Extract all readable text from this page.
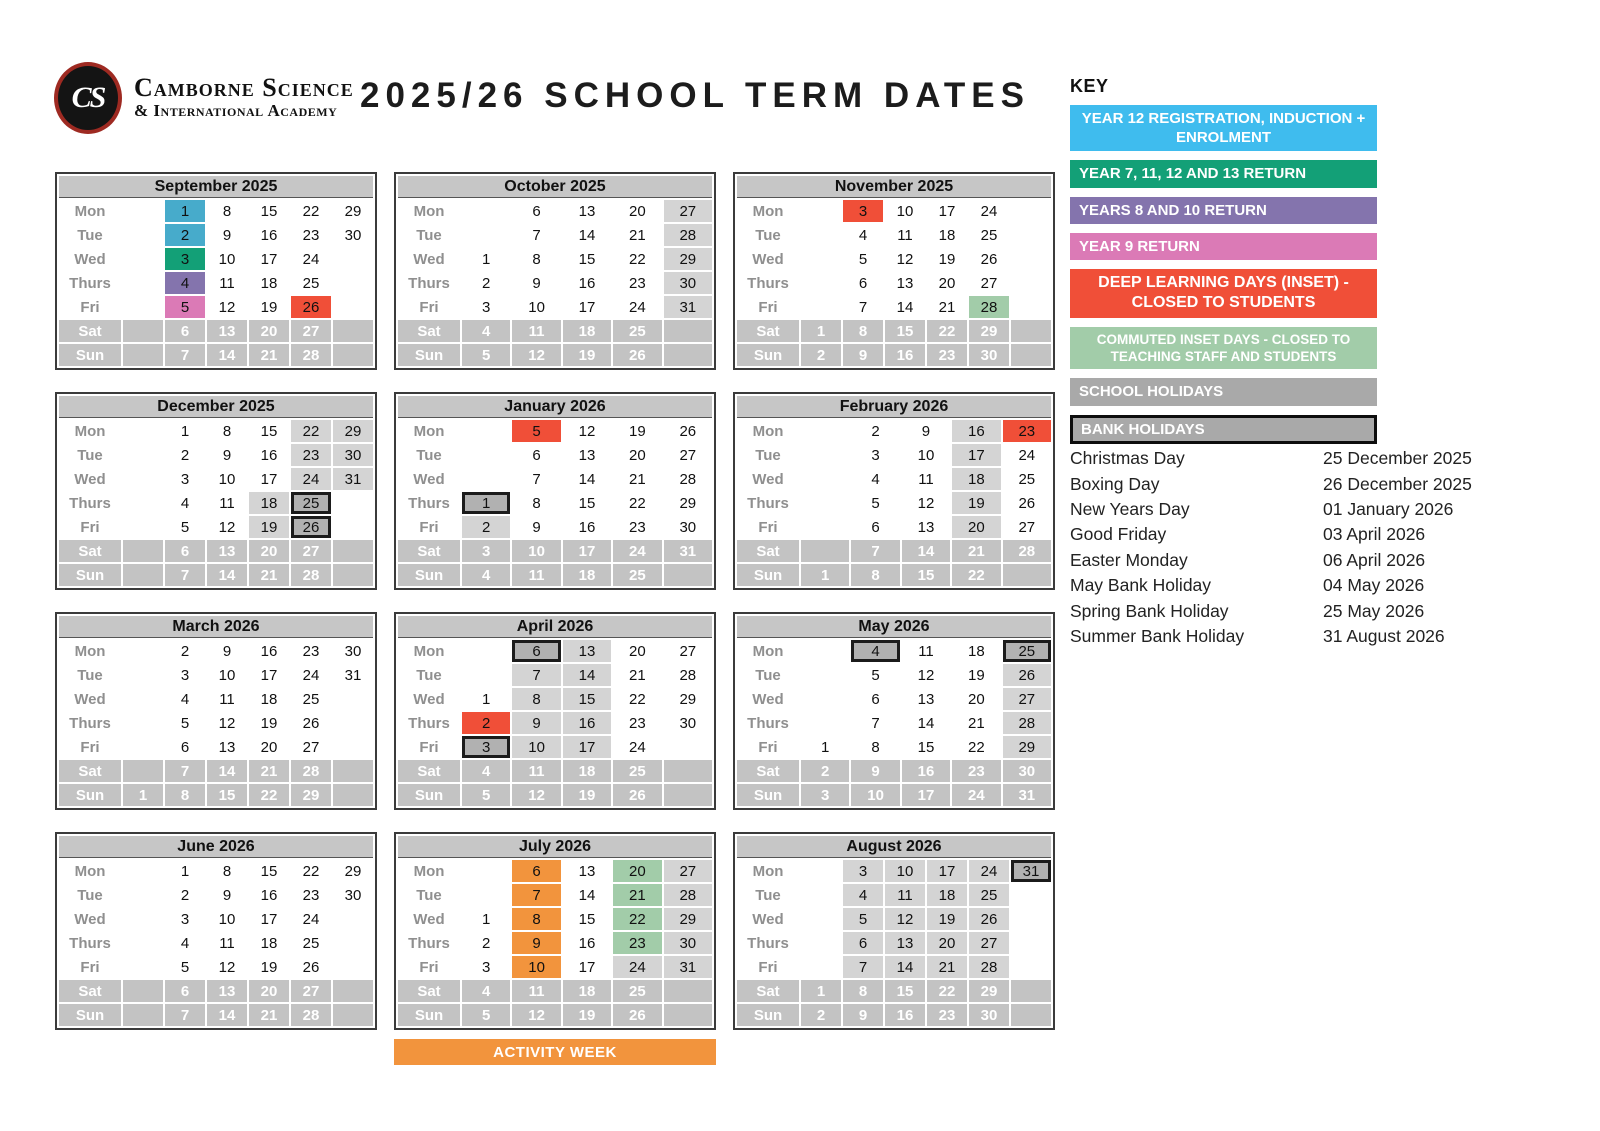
CS Camborne Science
& International Academy 2025/26 SCHOOL TERM DATES
September 2025						
Mon		1	8	15	22	29
Tue		2	9	16	23	30
Wed		3	10	17	24	
Thurs		4	11	18	25	
Fri		5	12	19	26	
Sat		6	13	20	27	
Sun		7	14	21	28	
October 2025					
Mon		6	13	20	27
Tue		7	14	21	28
Wed	1	8	15	22	29
Thurs	2	9	16	23	30
Fri	3	10	17	24	31
Sat	4	11	18	25	
Sun	5	12	19	26	
November 2025						
Mon		3	10	17	24	
Tue		4	11	18	25	
Wed		5	12	19	26	
Thurs		6	13	20	27	
Fri		7	14	21	28	
Sat	1	8	15	22	29	
Sun	2	9	16	23	30	
December 2025						
Mon		1	8	15	22	29
Tue		2	9	16	23	30
Wed		3	10	17	24	31
Thurs		4	11	18	25	
Fri		5	12	19	26	
Sat		6	13	20	27	
Sun		7	14	21	28	
January 2026					
Mon		5	12	19	26
Tue		6	13	20	27
Wed		7	14	21	28
Thurs	1	8	15	22	29
Fri	2	9	16	23	30
Sat	3	10	17	24	31
Sun	4	11	18	25	
February 2026					
Mon		2	9	16	23
Tue		3	10	17	24
Wed		4	11	18	25
Thurs		5	12	19	26
Fri		6	13	20	27
Sat		7	14	21	28
Sun	1	8	15	22	
March 2026						
Mon		2	9	16	23	30
Tue		3	10	17	24	31
Wed		4	11	18	25	
Thurs		5	12	19	26	
Fri		6	13	20	27	
Sat		7	14	21	28	
Sun	1	8	15	22	29	
April 2026					
Mon		6	13	20	27
Tue		7	14	21	28
Wed	1	8	15	22	29
Thurs	2	9	16	23	30
Fri	3	10	17	24	
Sat	4	11	18	25	
Sun	5	12	19	26	
May 2026					
Mon		4	11	18	25
Tue		5	12	19	26
Wed		6	13	20	27
Thurs		7	14	21	28
Fri	1	8	15	22	29
Sat	2	9	16	23	30
Sun	3	10	17	24	31
June 2026						
Mon		1	8	15	22	29
Tue		2	9	16	23	30
Wed		3	10	17	24	
Thurs		4	11	18	25	
Fri		5	12	19	26	
Sat		6	13	20	27	
Sun		7	14	21	28	
July 2026					
Mon		6	13	20	27
Tue		7	14	21	28
Wed	1	8	15	22	29
Thurs	2	9	16	23	30
Fri	3	10	17	24	31
Sat	4	11	18	25	
Sun	5	12	19	26	
August 2026						
Mon		3	10	17	24	31
Tue		4	11	18	25	
Wed		5	12	19	26	
Thurs		6	13	20	27	
Fri		7	14	21	28	
Sat	1	8	15	22	29	
Sun	2	9	16	23	30	
ACTIVITY WEEK
KEY
YEAR 12 REGISTRATION, INDUCTION + ENROLMENT
YEAR 7, 11, 12 AND 13 RETURN
YEARS 8 AND 10 RETURN
YEAR 9 RETURN
DEEP LEARNING DAYS (INSET) - CLOSED TO STUDENTS
COMMUTED INSET DAYS - CLOSED TO TEACHING STAFF AND STUDENTS
SCHOOL HOLIDAYS
BANK HOLIDAYS
Christmas Day	25 December 2025
Boxing Day	26 December 2025
New Years Day	01 January 2026
Good Friday	03 April 2026
Easter Monday	06 April 2026
May Bank Holiday	04 May 2026
Spring Bank Holiday	25 May 2026
Summer Bank Holiday	31 August 2026
